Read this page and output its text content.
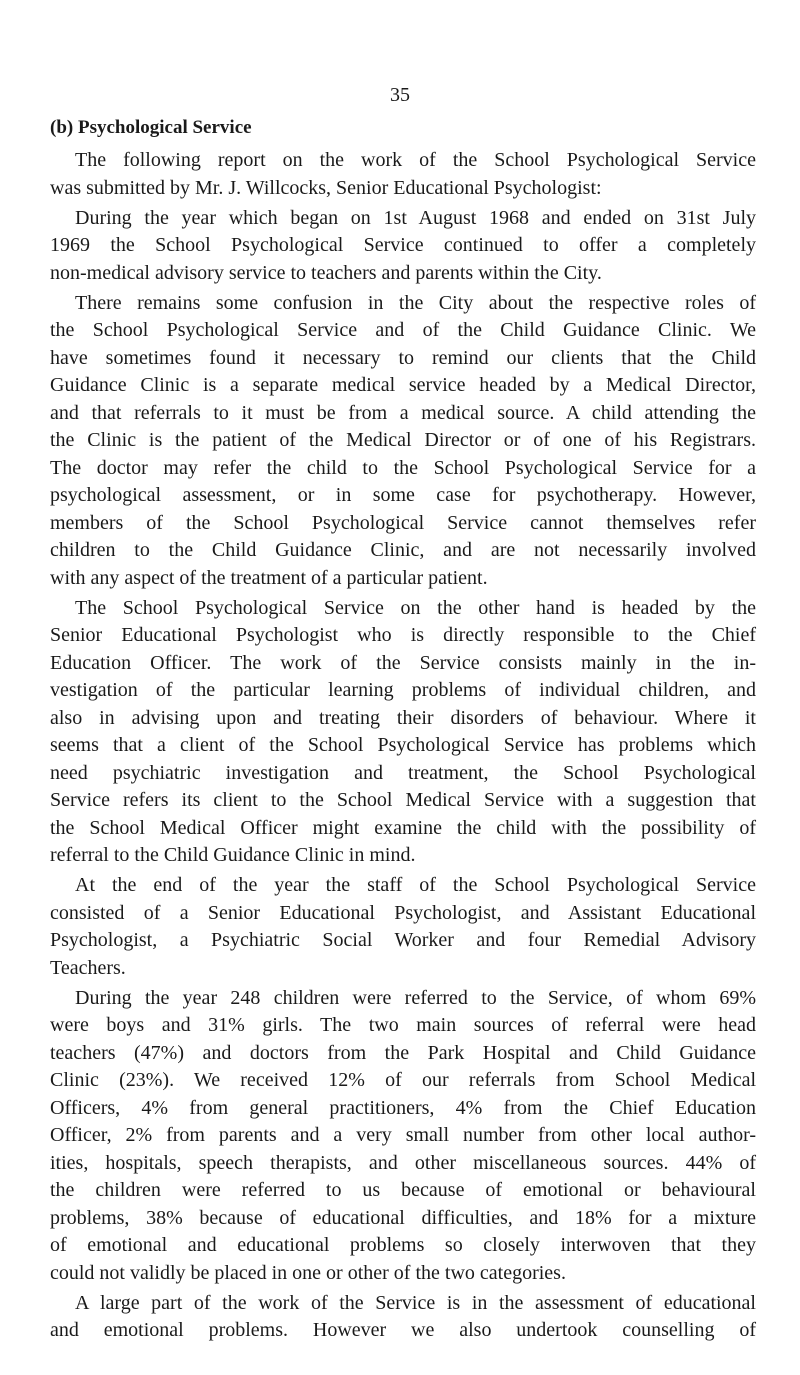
35
(b) Psychological Service
The following report on the work of the School Psychological Service
was submitted by Mr. J. Willcocks, Senior Educational Psychologist:
During the year which began on 1st August 1968 and ended on 31st July
1969 the School Psychological Service continued to offer a completely
non-medical advisory service to teachers and parents within the City.
There remains some confusion in the City about the respective roles of
the School Psychological Service and of the Child Guidance Clinic. We
have sometimes found it necessary to remind our clients that the Child
Guidance Clinic is a separate medical service headed by a Medical Director,
and that referrals to it must be from a medical source. A child attending the
the Clinic is the patient of the Medical Director or of one of his Registrars.
The doctor may refer the child to the School Psychological Service for a
psychological assessment, or in some case for psychotherapy. However,
members of the School Psychological Service cannot themselves refer
children to the Child Guidance Clinic, and are not necessarily involved
with any aspect of the treatment of a particular patient.
The School Psychological Service on the other hand is headed by the
Senior Educational Psychologist who is directly responsible to the Chief
Education Officer. The work of the Service consists mainly in the in-
vestigation of the particular learning problems of individual children, and
also in advising upon and treating their disorders of behaviour. Where it
seems that a client of the School Psychological Service has problems which
need psychiatric investigation and treatment, the School Psychological
Service refers its client to the School Medical Service with a suggestion that
the School Medical Officer might examine the child with the possibility of
referral to the Child Guidance Clinic in mind.
At the end of the year the staff of the School Psychological Service
consisted of a Senior Educational Psychologist, and Assistant Educational
Psychologist, a Psychiatric Social Worker and four Remedial Advisory
Teachers.
During the year 248 children were referred to the Service, of whom 69%
were boys and 31% girls. The two main sources of referral were head
teachers (47%) and doctors from the Park Hospital and Child Guidance
Clinic (23%). We received 12% of our referrals from School Medical
Officers, 4% from general practitioners, 4% from the Chief Education
Officer, 2% from parents and a very small number from other local author-
ities, hospitals, speech therapists, and other miscellaneous sources. 44% of
the children were referred to us because of emotional or behavioural
problems, 38% because of educational difficulties, and 18% for a mixture
of emotional and educational problems so closely interwoven that they
could not validly be placed in one or other of the two categories.
A large part of the work of the Service is in the assessment of educational
and emotional problems. However we also undertook counselling of
